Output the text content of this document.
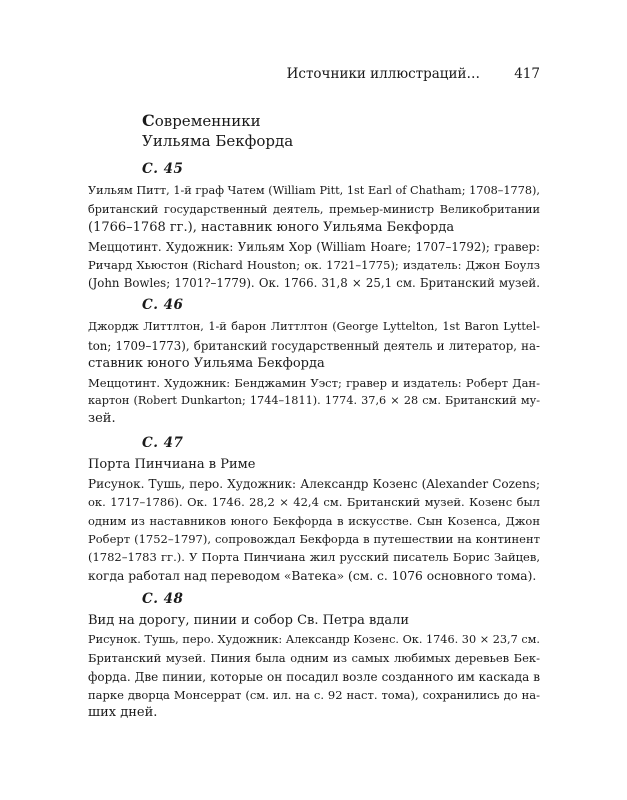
Источники иллюстраций…	417
Современники
Уильяма Бекфорда
С. 45
Уильям Питт, 1-й граф Чатем (William Pitt, 1st Earl of Chatham; 1708–1778),
британский государственный деятель, премьер-министр Великобритании
(1766–1768 гг.), наставник юного Уильяма Бекфорда
Меццотинт. Художник: Уильям Хор (William Hoare; 1707–1792); гравер:
Ричард Хьюстон (Richard Houston; ок. 1721–1775); издатель: Джон Боулз
(John Bowles; 1701?–1779). Ок. 1766. 31,8 × 25,1 см. Британский музей.
С. 46
Джордж Литтлтон, 1-й барон Литтлтон (George Lyttelton, 1st Baron Lyttel-
ton; 1709–1773), британский государственный деятель и литератор, на-
ставник юного Уильяма Бекфорда
Меццотинт. Художник: Бенджамин Уэст; гравер и издатель: Роберт Дан-
картон (Robert Dunkarton; 1744–1811). 1774. 37,6 × 28 см. Британский му-
зей.
С. 47
Порта Пинчиана в Риме
Рисунок. Тушь, перо. Художник: Александр Козенс (Alexander Cozens;
ок. 1717–1786). Ок. 1746. 28,2 × 42,4 см. Британский музей. Козенс был
одним из наставников юного Бекфорда в искусстве. Сын Козенса, Джон
Роберт (1752–1797), сопровождал Бекфорда в путешествии на континент
(1782–1783 гг.). У Порта Пинчиана жил русский писатель Борис Зайцев,
когда работал над переводом «Ватека» (см. с. 1076 основного тома).
С. 48
Вид на дорогу, пинии и собор Св. Петра вдали
Рисунок. Тушь, перо. Художник: Александр Козенс. Ок. 1746. 30 × 23,7 см.
Британский музей. Пиния была одним из самых любимых деревьев Бек-
форда. Две пинии, которые он посадил возле созданного им каскада в
парке дворца Монсеррат (см. ил. на с. 92 наст. тома), сохранились до на-
ших дней.
